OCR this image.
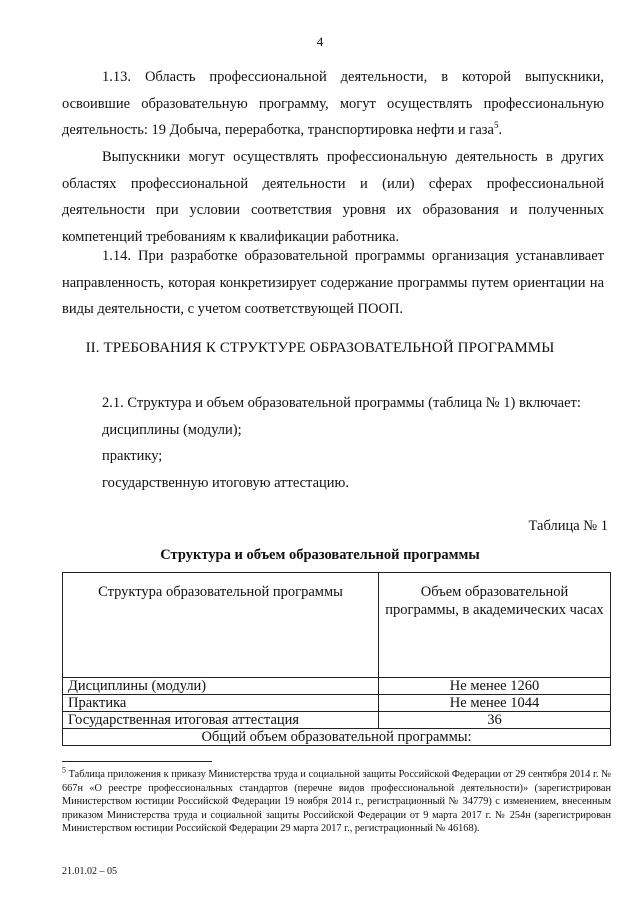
4

1.13. Область профессиональной деятельности, в которой выпускники, освоившие образовательную программу, могут осуществлять профессиональную деятельность: 19 Добыча, переработка, транспортировка нефти и газа$^5$.

Выпускники могут осуществлять профессиональную деятельность в других областях профессиональной деятельности и (или) сферах профессиональной деятельности при условии соответствия уровня их образования и полученных компетенций требованиям к квалификации работника.

1.14. При разработке образовательной программы организация устанавливает направленность, которая конкретизирует содержание программы путем ориентации на виды деятельности, с учетом соответствующей ПООП.

II. ТРЕБОВАНИЯ К СТРУКТУРЕ ОБРАЗОВАТЕЛЬНОЙ ПРОГРАММЫ
2.1. Структура и объем образовательной программы (таблица № 1) включает:
дисциплины (модули);
практику;
государственную итоговую аттестацию.
Таблица № 1
Структура и объем образовательной программы
Структура образовательной программы	Объем образовательной программы, в академических часах
Дисциплины (модули)	Не менее 1260
Практика	Не менее 1044
Государственная итоговая аттестация	36
Общий объем образовательной программы:	
$^5$ Таблица приложения к приказу Министерства труда и социальной защиты Российской Федерации от 29 сентября 2014 г. № 667н «О реестре профессиональных стандартов (перечне видов профессиональной деятельности)» (зарегистрирован Министерством юстиции Российской Федерации 19 ноября 2014 г., регистрационный № 34779) с изменением, внесенным приказом Министерства труда и социальной защиты Российской Федерации от 9 марта 2017 г. № 254н (зарегистрирован Министерством юстиции Российской Федерации 29 марта 2017 г., регистрационный № 46168).
21.01.02 – 05
